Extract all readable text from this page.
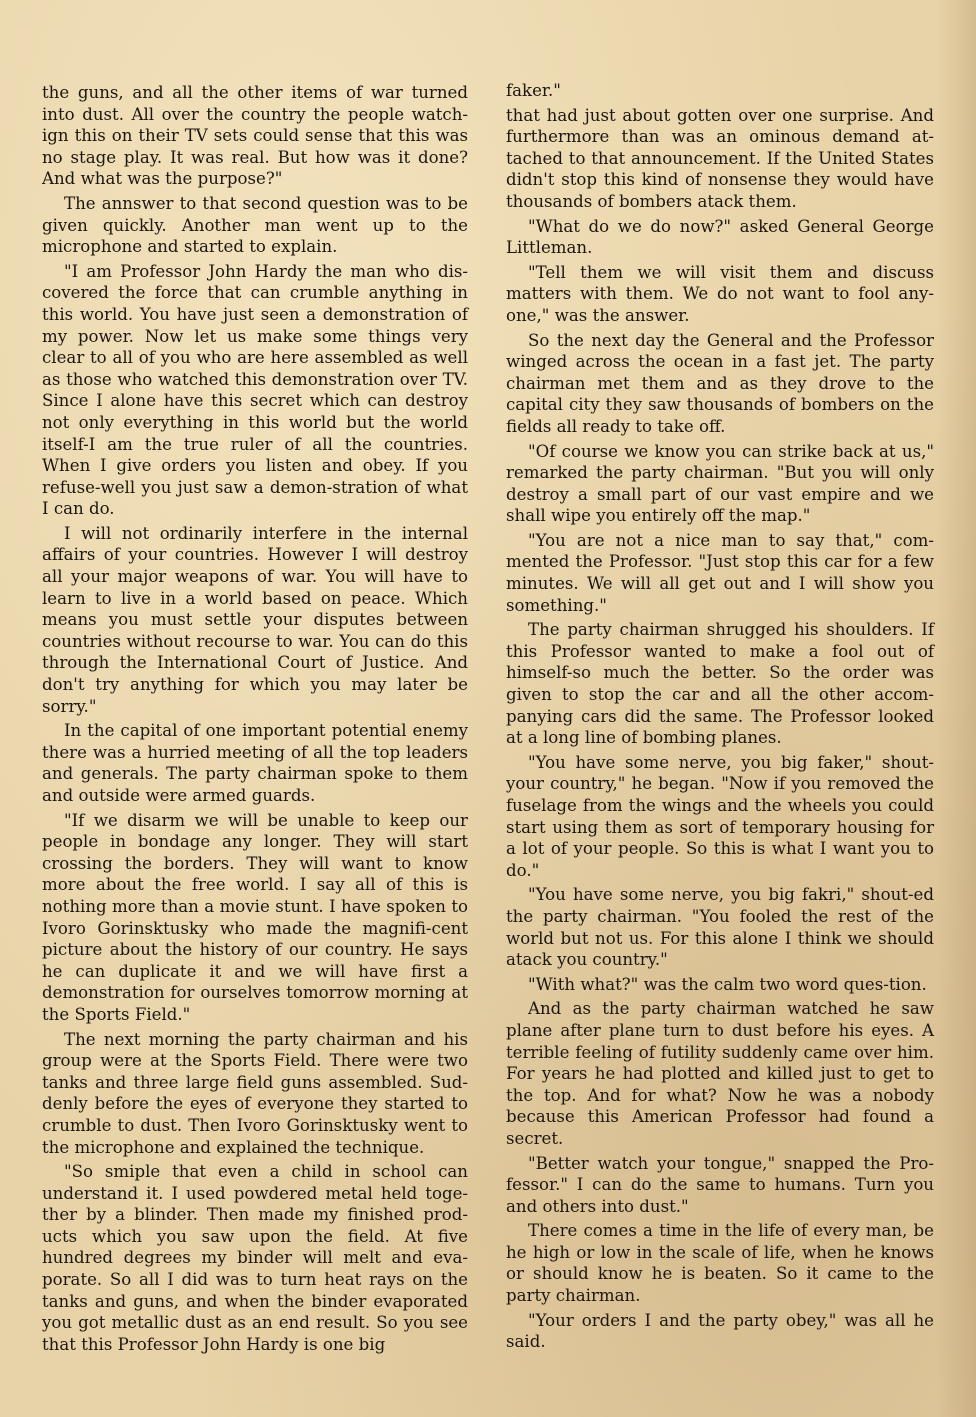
the guns, and all the other items of war turned into dust. All over the country the people watch-ign this on their TV sets could sense that this was no stage play. It was real. But how was it done? And what was the purpose?"

The annswer to that second question was to be given quickly. Another man went up to the microphone and started to explain.

"I am Professor John Hardy the man who dis-covered the force that can crumble anything in this world. You have just seen a demonstration of my power. Now let us make some things very clear to all of you who are here assembled as well as those who watched this demonstration over TV. Since I alone have this secret which can destroy not only everything in this world but the world itself-I am the true ruler of all the countries. When I give orders you listen and obey. If you refuse-well you just saw a demon-stration of what I can do.

I will not ordinarily interfere in the internal affairs of your countries. However I will destroy all your major weapons of war. You will have to learn to live in a world based on peace. Which means you must settle your disputes between countries without recourse to war. You can do this through the International Court of Justice. And don't try anything for which you may later be sorry."

In the capital of one important potential enemy there was a hurried meeting of all the top leaders and generals. The party chairman spoke to them and outside were armed guards.

"If we disarm we will be unable to keep our people in bondage any longer. They will start crossing the borders. They will want to know more about the free world. I say all of this is nothing more than a movie stunt. I have spoken to Ivoro Gorinsktusky who made the magnifi-cent picture about the history of our country. He says he can duplicate it and we will have first a demonstration for ourselves tomorrow morning at the Sports Field."

The next morning the party chairman and his group were at the Sports Field. There were two tanks and three large field guns assembled. Sud-denly before the eyes of everyone they started to crumble to dust. Then Ivoro Gorinsktusky went to the microphone and explained the technique.

"So smiple that even a child in school can understand it. I used powdered metal held toge-ther by a blinder. Then made my finished prod-ucts which you saw upon the field. At five hundred degrees my binder will melt and eva-porate. So all I did was to turn heat rays on the tanks and guns, and when the binder evaporated you got metallic dust as an end result. So you see that this Professor John Hardy is one big

faker."

that had just about gotten over one surprise. And furthermore than was an ominous demand at-tached to that announcement. If the United States didn't stop this kind of nonsense they would have thousands of bombers atack them.

"What do we do now?" asked General George Littleman.

"Tell them we will visit them and discuss matters with them. We do not want to fool any-one," was the answer.

So the next day the General and the Professor winged across the ocean in a fast jet. The party chairman met them and as they drove to the capital city they saw thousands of bombers on the fields all ready to take off.

"Of course we know you can strike back at us," remarked the party chairman. "But you will only destroy a small part of our vast empire and we shall wipe you entirely off the map."

"You are not a nice man to say that," com-mented the Professor. "Just stop this car for a few minutes. We will all get out and I will show you something."

The party chairman shrugged his shoulders. If this Professor wanted to make a fool out of himself-so much the better. So the order was given to stop the car and all the other accom-panying cars did the same. The Professor looked at a long line of bombing planes.

"You have some nerve, you big faker," shout-your country," he began. "Now if you removed the fuselage from the wings and the wheels you could start using them as sort of temporary housing for a lot of your people. So this is what I want you to do."

"You have some nerve, you big fakri," shout-ed the party chairman. "You fooled the rest of the world but not us. For this alone I think we should atack you country."

"With what?" was the calm two word ques-tion.

And as the party chairman watched he saw plane after plane turn to dust before his eyes. A terrible feeling of futility suddenly came over him. For years he had plotted and killed just to get to the top. And for what? Now he was a nobody because this American Professor had found a secret.

"Better watch your tongue," snapped the Pro-fessor." I can do the same to humans. Turn you and others into dust."

There comes a time in the life of every man, be he high or low in the scale of life, when he knows or should know he is beaten. So it came to the party chairman.

"Your orders I and the party obey," was all he said.
